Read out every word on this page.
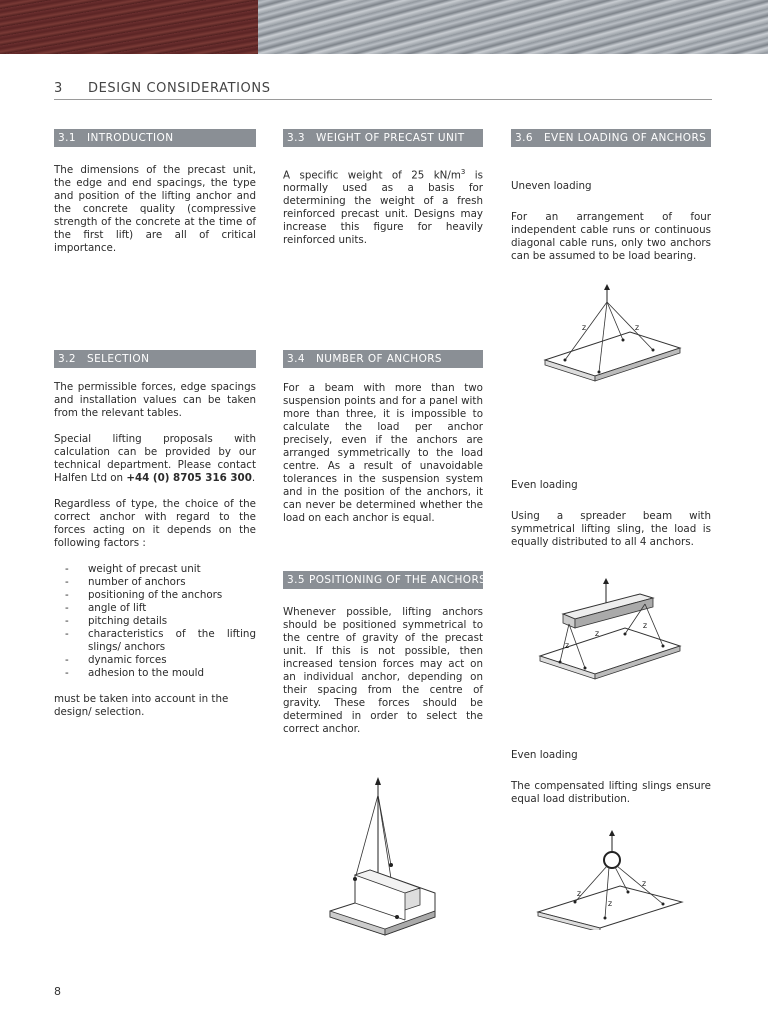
3 DESIGN CONSIDERATIONS
3.1 INTRODUCTION

The dimensions of the precast unit, the edge and end spacings, the type and position of the lifting anchor and the concrete quality (compressive strength of the concrete at the time of the first lift) are all of critical importance.

3.2 SELECTION

The permissible forces, edge spacings and installation values can be taken from the relevant tables.

Special lifting proposals with calculation can be provided by our technical department. Please contact Halfen Ltd on +44 (0) 8705 316 300.

Regardless of type, the choice of the correct anchor with regard to the forces acting on it depends on the following factors :

- weight of precast unit
- number of anchors
- positioning of the anchors
- angle of lift
- pitching details
- characteristics of the lifting slings/ anchors
- dynamic forces
- adhesion to the mould

must be taken into account in the design/ selection.

3.3 WEIGHT OF PRECAST UNIT

A specific weight of 25 $kN/m^3$ is normally used as a basis for determining the weight of a fresh reinforced precast unit. Designs may increase this figure for heavily reinforced units.

3.4 NUMBER OF ANCHORS

For a beam with more than two suspension points and for a panel with more than three, it is impossible to calculate the load per anchor precisely, even if the anchors are arranged symmetrically to the load centre. As a result of unavoidable tolerances in the suspension system and in the position of the anchors, it can never be determined whether the load on each anchor is equal.

3.5 POSITIONING OF THE ANCHORS

Whenever possible, lifting anchors should be positioned symmetrical to the centre of gravity of the precast unit. If this is not possible, then increased tension forces may act on an individual anchor, depending on their spacing from the centre of gravity. These forces should be determined in order to select the correct anchor.

3.6 EVEN LOADING OF ANCHORS

Uneven loading

For an arrangement of four independent cable runs or continuous diagonal cable runs, only two anchors can be assumed to be load bearing.

Even loading

Using a spreader beam with symmetrical lifting sling, the load is equally distributed to all 4 anchors.

Even loading

The compensated lifting slings ensure equal load distribution.

Z	Z
Z
Z
Z
Z
Z
Z
8
